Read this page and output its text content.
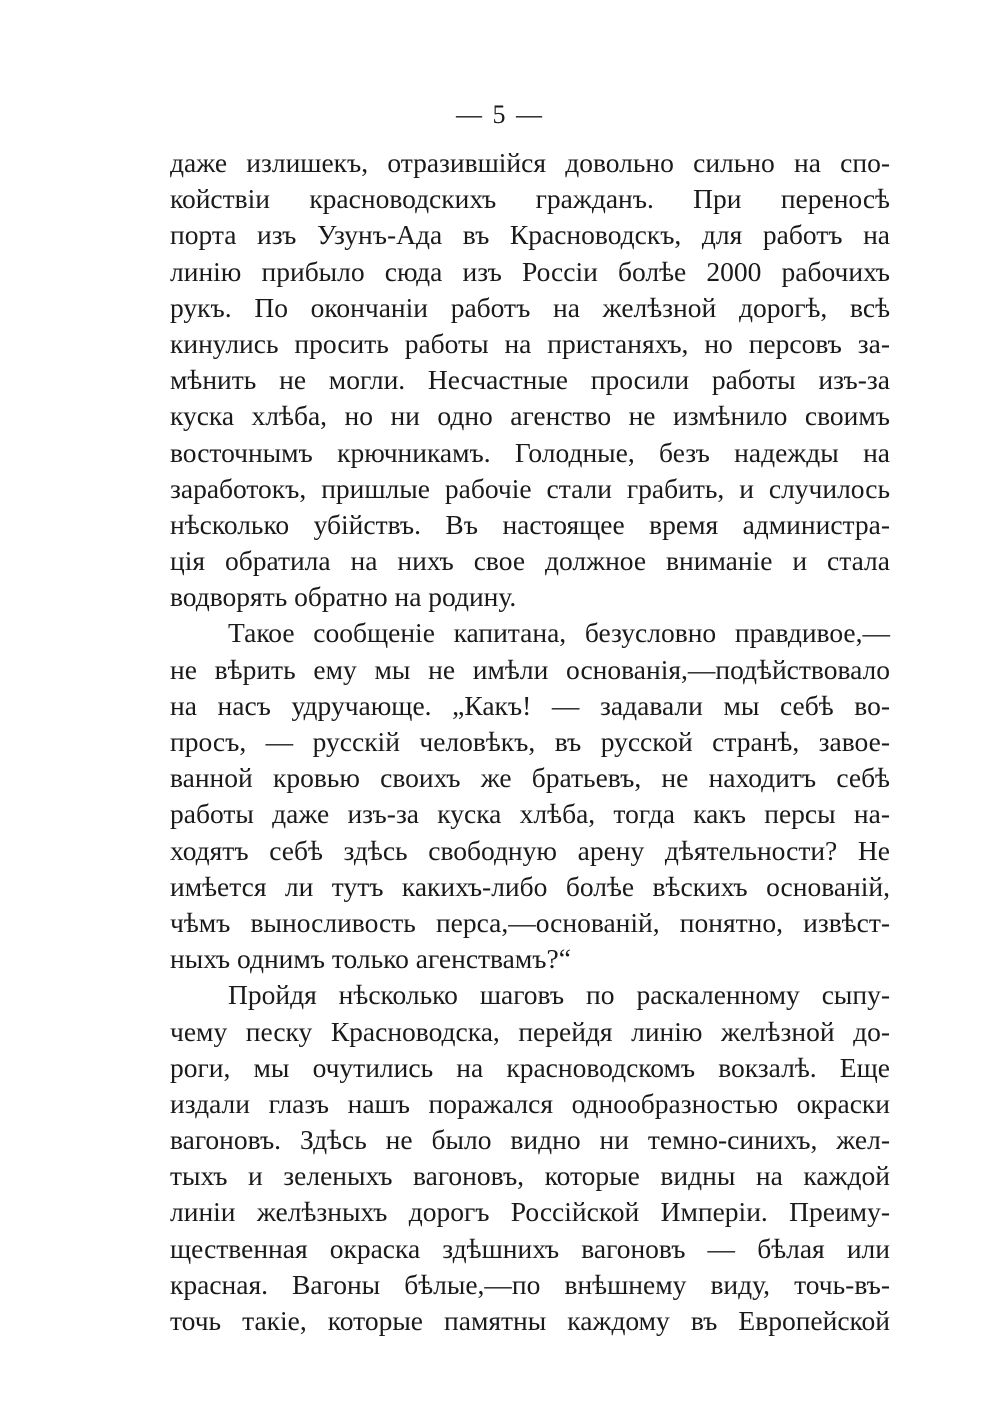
— 5 —
даже излишекъ, отразившiйся довольно сильно на спо-
койствiи красноводскихъ гражданъ. При переносѣ
порта изъ Узунъ-Ада въ Красноводскъ, для работъ на
линiю прибыло сюда изъ Россiи болѣе 2000 рабочихъ
рукъ. По окончанiи работъ на желѣзной дорогѣ, всѣ
кинулись просить работы на пристаняхъ, но персовъ за-
мѣнить не могли. Несчастные просили работы изъ-за
куска хлѣба, но ни одно агенство не измѣнило своимъ
восточнымъ крючникамъ. Голодные, безъ надежды на
заработокъ, пришлые рабочiе стали грабить, и случилось
нѣсколько убiйствъ. Въ настоящее время администра-
цiя обратила на нихъ свое должное вниманiе и стала
водворять обратно на родину.
Такое сообщенiе капитана, безусловно правдивое,—
не вѣрить ему мы не имѣли основанiя,—подѣйствовало
на насъ удручающе. „Какъ! — задавали мы себѣ во-
просъ, — русскiй человѣкъ, въ русской странѣ, завое-
ванной кровью своихъ же братьевъ, не находитъ себѣ
работы даже изъ-за куска хлѣба, тогда какъ персы на-
ходятъ себѣ здѣсь свободную арену дѣятельности? Не
имѣется ли тутъ какихъ-либо болѣе вѣскихъ основанiй,
чѣмъ выносливость перса,—основанiй, понятно, извѣст-
ныхъ однимъ только агенствамъ?“
Пройдя нѣсколько шаговъ по раскаленному сыпу-
чему песку Красноводска, перейдя линiю желѣзной до-
роги, мы очутились на красноводскомъ вокзалѣ. Еще
издали глазъ нашъ поражался однообразностью окраски
вагоновъ. Здѣсь не было видно ни темно-синихъ, жел-
тыхъ и зеленыхъ вагоновъ, которые видны на каждой
линiи желѣзныхъ дорогъ Россiйской Имперiи. Преиму-
щественная окраска здѣшнихъ вагоновъ — бѣлая или
красная. Вагоны бѣлые,—по внѣшнему виду, точь-въ-
точь такiе, которые памятны каждому въ Европейской
